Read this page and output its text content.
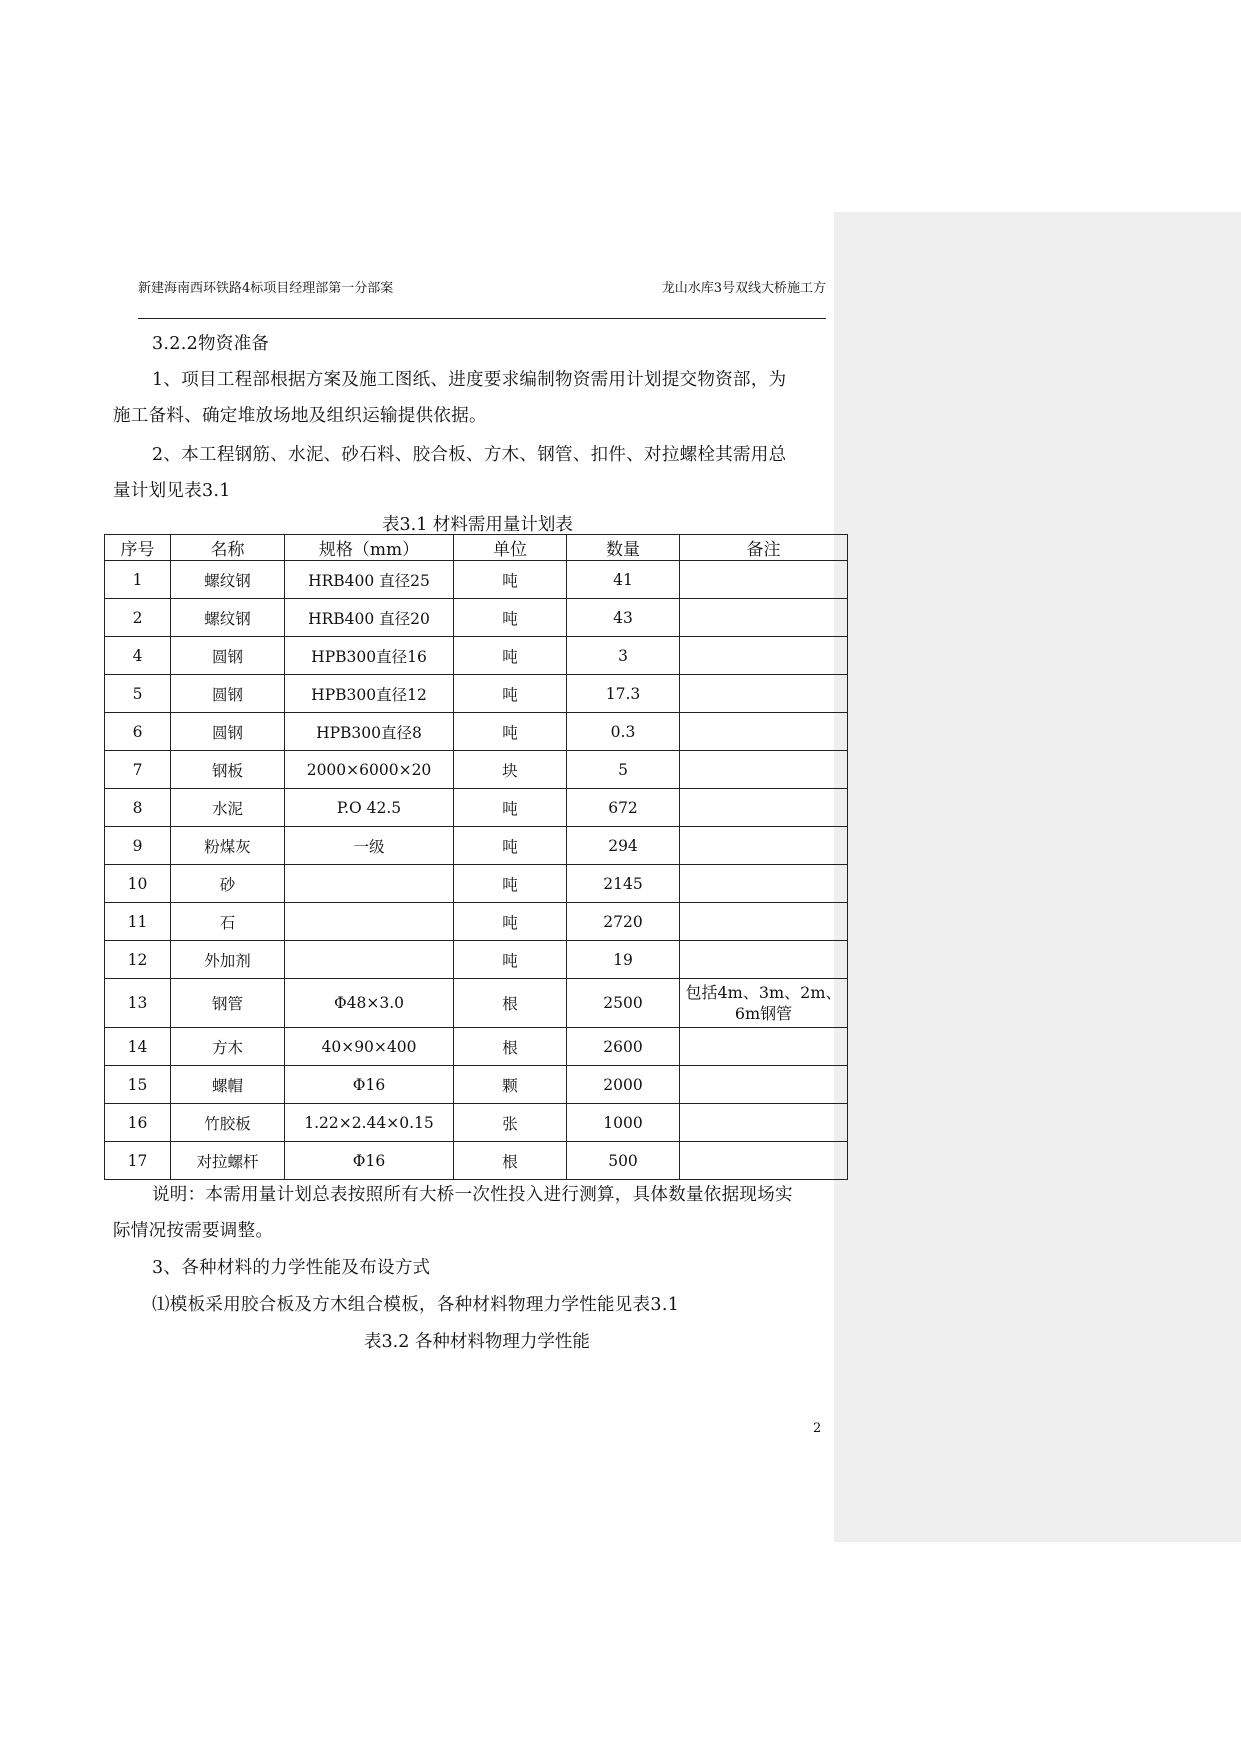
新建海南西环铁路4标项目经理部第一分部案	龙山水库3号双线大桥施工方
3.2.2物资准备
1、项目工程部根据方案及施工图纸、进度要求编制物资需用计划提交物资部，为
施工备料、确定堆放场地及组织运输提供依据。
2、本工程钢筋、水泥、砂石料、胶合板、方木、钢管、扣件、对拉螺栓其需用总
量计划见表3.1
表3.1 材料需用量计划表
序号	名称	规格（mm）	单位	数量	备注
1	螺纹钢	HRB400 直径25	吨	41	
2	螺纹钢	HRB400 直径20	吨	43	
4	圆钢	HPB300直径16	吨	3	
5	圆钢	HPB300直径12	吨	17.3	
6	圆钢	HPB300直径8	吨	0.3	
7	钢板	2000×6000×20	块	5	
8	水泥	P.O 42.5	吨	672	
9	粉煤灰	一级	吨	294	
10	砂		吨	2145	
11	石		吨	2720	
12	外加剂		吨	19	
13	钢管	Φ48×3.0	根	2500	包括4m、3m、2m、6m钢管
14	方木	40×90×400	根	2600	
15	螺帽	Φ16	颗	2000	
16	竹胶板	1.22×2.44×0.15	张	1000	
17	对拉螺杆	Φ16	根	500	
说明：本需用量计划总表按照所有大桥一次性投入进行测算，具体数量依据现场实
际情况按需要调整。
3、各种材料的力学性能及布设方式
⑴模板采用胶合板及方木组合模板，各种材料物理力学性能见表3.1
表3.2 各种材料物理力学性能
2
